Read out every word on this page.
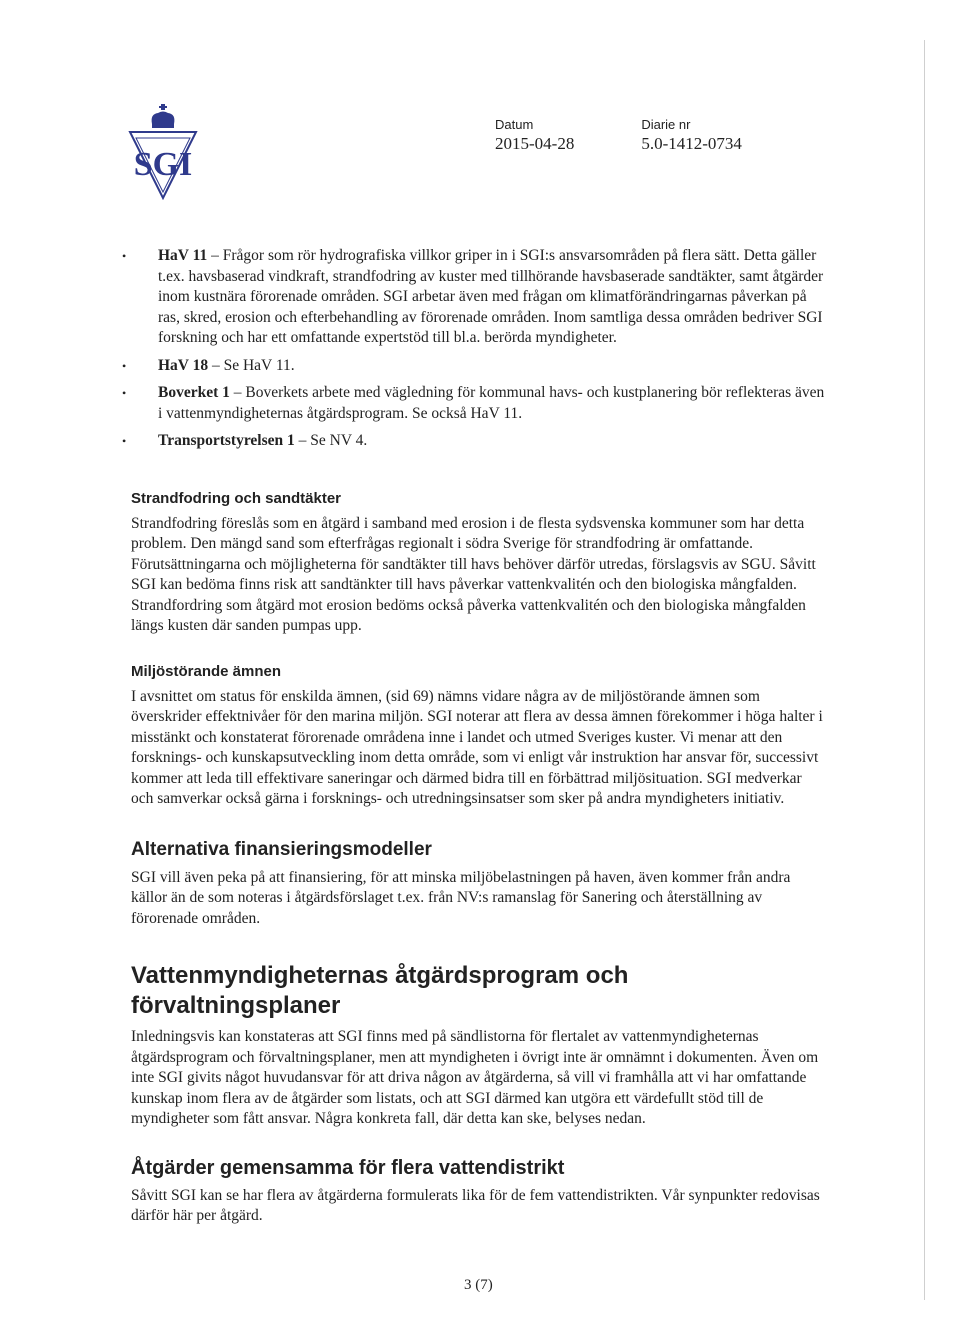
SGI
Datum
2015-04-28
Diarie nr
5.0-1412-0734
• HaV 11 – Frågor som rör hydrografiska villkor griper in i SGI:s ansvarsområden på flera sätt. Detta gäller t.ex. havsbaserad vindkraft, strandfodring av kuster med tillhörande havsbaserade sandtäkter, samt åtgärder inom kustnära förorenade områden. SGI arbetar även med frågan om klimatförändringarnas påverkan på ras, skred, erosion och efterbehandling av förorenade områden. Inom samtliga dessa områden bedriver SGI forskning och har ett omfattande expertstöd till bl.a. berörda myndigheter.
• HaV 18 – Se HaV 11.
• Boverket 1 – Boverkets arbete med vägledning för kommunal havs- och kustplanering bör reflekteras även i vattenmyndigheternas åtgärdsprogram. Se också HaV 11.
• Transportstyrelsen 1 – Se NV 4.
Strandfodring och sandtäkter

Strandfodring föreslås som en åtgärd i samband med erosion i de flesta sydsvenska kommuner som har detta problem. Den mängd sand som efterfrågas regionalt i södra Sverige för strandfodring är omfattande. Förutsättningarna och möjligheterna för sandtäkter till havs behöver därför utredas, förslagsvis av SGU. Såvitt SGI kan bedöma finns risk att sandtänkter till havs påverkar vattenkvalitén och den biologiska mångfalden. Strandfordring som åtgärd mot erosion bedöms också påverka vattenkvalitén och den biologiska mångfalden längs kusten där sanden pumpas upp.

Miljöstörande ämnen

I avsnittet om status för enskilda ämnen, (sid 69) nämns vidare några av de miljöstörande ämnen som överskrider effektnivåer för den marina miljön. SGI noterar att flera av dessa ämnen förekommer i höga halter i misstänkt och konstaterat förorenade områdena inne i landet och utmed Sveriges kuster. Vi menar att den forsknings- och kunskapsutveckling inom detta område, som vi enligt vår instruktion har ansvar för, successivt kommer att leda till effektivare saneringar och därmed bidra till en förbättrad miljösituation. SGI medverkar och samverkar också gärna i forsknings- och utredningsinsatser som sker på andra myndigheters initiativ.

Alternativa finansieringsmodeller

SGI vill även peka på att finansiering, för att minska miljöbelastningen på haven, även kommer från andra källor än de som noteras i åtgärdsförslaget t.ex. från NV:s ramanslag för Sanering och återställning av förorenade områden.

Vattenmyndigheternas åtgärdsprogram och förvaltningsplaner

Inledningsvis kan konstateras att SGI finns med på sändlistorna för flertalet av vattenmyndigheternas åtgärdsprogram och förvaltningsplaner, men att myndigheten i övrigt inte är omnämnt i dokumenten. Även om inte SGI givits något huvudansvar för att driva någon av åtgärderna, så vill vi framhålla att vi har omfattande kunskap inom flera av de åtgärder som listats, och att SGI därmed kan utgöra ett värdefullt stöd till de myndigheter som fått ansvar. Några konkreta fall, där detta kan ske, belyses nedan.

Åtgärder gemensamma för flera vattendistrikt

Såvitt SGI kan se har flera av åtgärderna formulerats lika för de fem vattendistrikten. Vår synpunkter redovisas därför här per åtgärd.

3 (7)
